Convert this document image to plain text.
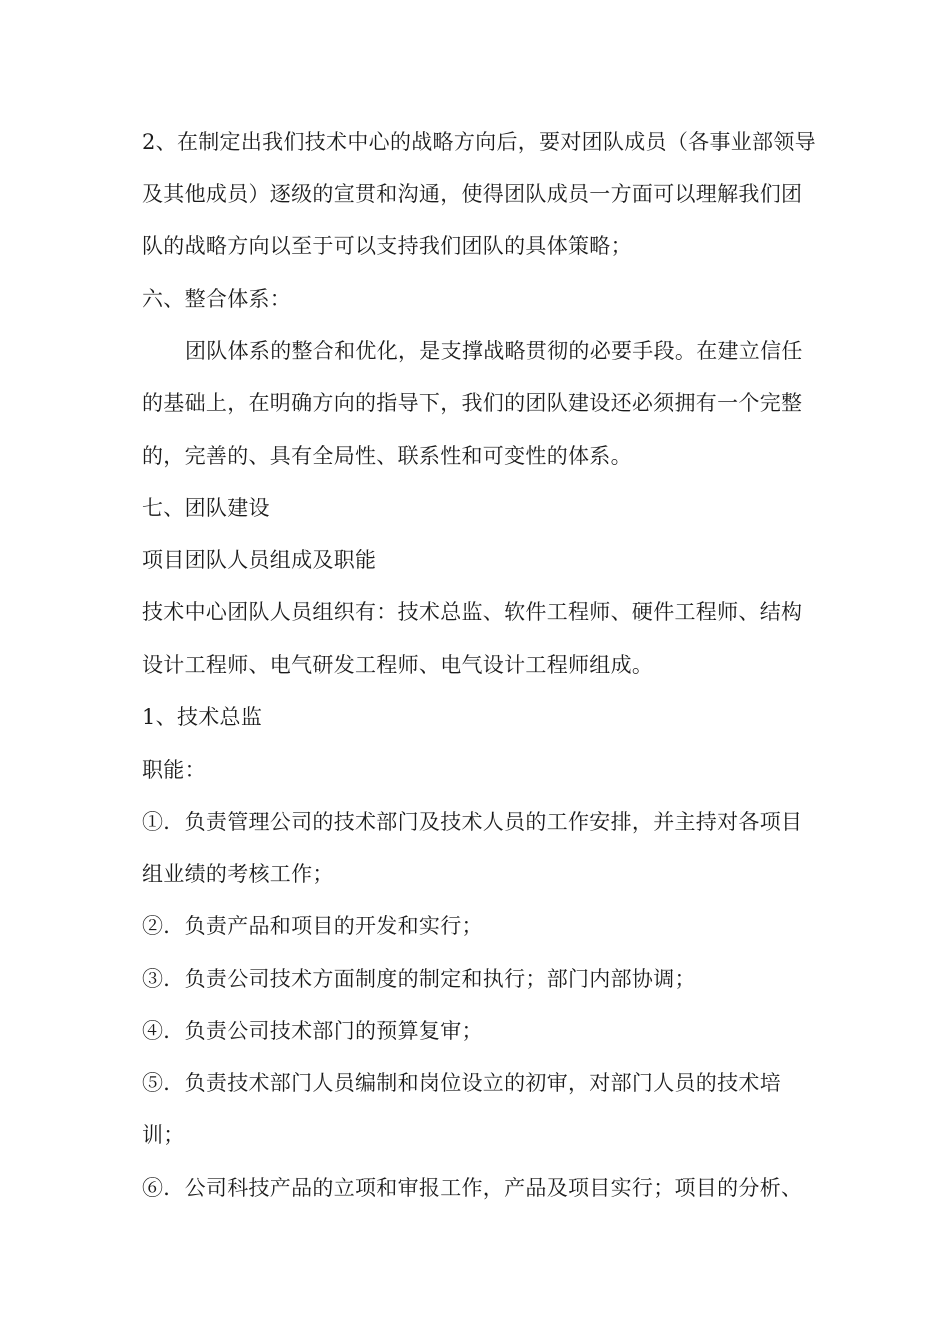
2、在制定出我们技术中心的战略方向后，要对团队成员（各事业部领导
及其他成员）逐级的宣贯和沟通，使得团队成员一方面可以理解我们团
队的战略方向以至于可以支持我们团队的具体策略；
六、整合体系：
团队体系的整合和优化，是支撑战略贯彻的必要手段。在建立信任
的基础上，在明确方向的指导下，我们的团队建设还必须拥有一个完整
的，完善的、具有全局性、联系性和可变性的体系。
七、团队建设
项目团队人员组成及职能
技术中心团队人员组织有：技术总监、软件工程师、硬件工程师、结构
设计工程师、电气研发工程师、电气设计工程师组成。
1、技术总监
职能：
①．负责管理公司的技术部门及技术人员的工作安排，并主持对各项目
组业绩的考核工作；
②．负责产品和项目的开发和实行；
③．负责公司技术方面制度的制定和执行；部门内部协调；
④．负责公司技术部门的预算复审；
⑤．负责技术部门人员编制和岗位设立的初审，对部门人员的技术培
训；
⑥．公司科技产品的立项和审报工作，产品及项目实行；项目的分析、
